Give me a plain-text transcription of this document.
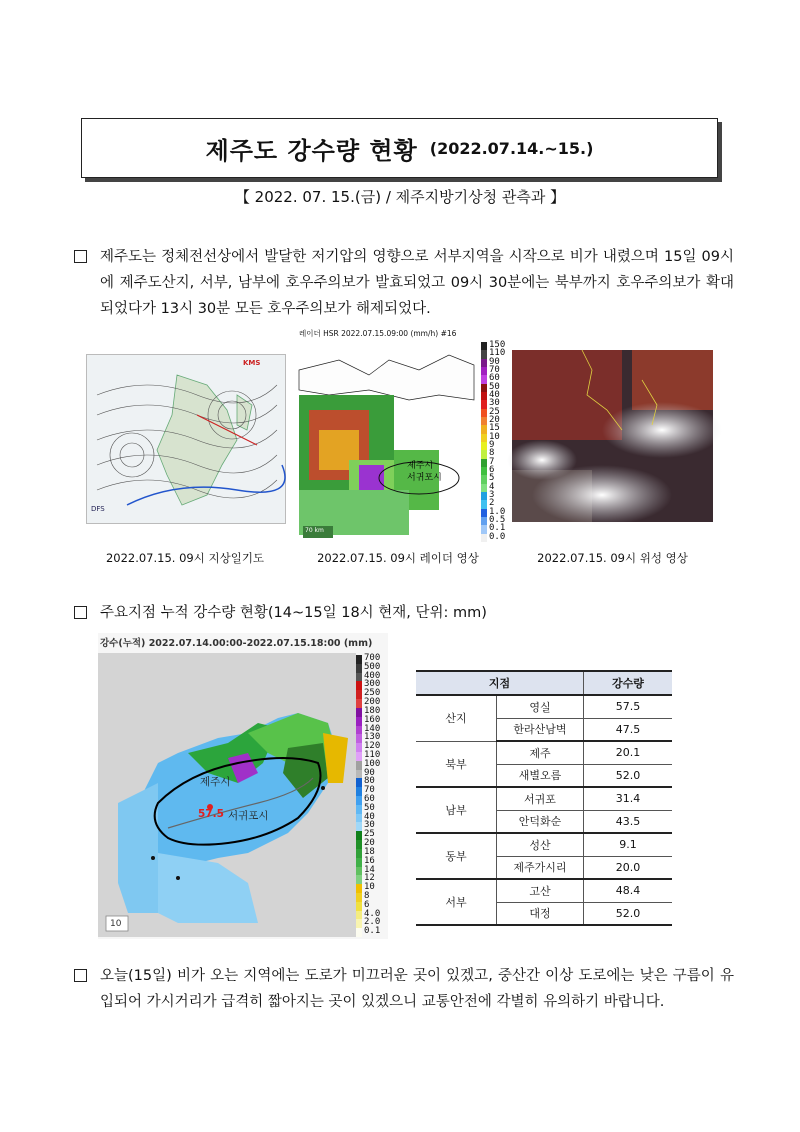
제주도 강수량 현황 (2022.07.14.~15.)
【 2022. 07. 15.(금) / 제주지방기상청 관측과 】
제주도는 정체전선상에서 발달한 저기압의 영향으로 서부지역을 시작으로 비가 내렸으며 15일 09시에 제주도산지, 서부, 남부에 호우주의보가 발효되었고 09시 30분에는 북부까지 호우주의보가 확대되었다가 13시 30분 모든 호우주의보가 해제되었다.
KMS
DFS
2022.07.15. 09시 지상일기도
레이더 HSR 2022.07.15.09:00 (mm/h) #16
제주시
서귀포시
70 km
150
110
90
70
60
50
40
30
25
20
15
10
9
8
7
6
5
4
3
2
1.0
0.5
0.1
0.0
2022.07.15. 09시 레이더 영상	2022.07.15. 09시 위성 영상
주요지점 누적 강수량 현황(14~15일 18시 현재, 단위: mm)
강수(누적) 2022.07.14.00:00-2022.07.15.18:00 (mm)
제주시
57.5 서귀포시
10
700
500
400
300
250
200
180
160
140
130
120
110
100
90
80
70
60
50
40
30
25
20
18
16
14
12
10
8
6
4.0
2.0
0.1
지점		강수량
산지	영실	57.5
	한라산남벽	47.5
북부	제주	20.1
	새별오름	52.0
남부	서귀포	31.4
	안덕화순	43.5
동부	성산	9.1
	제주가시리	20.0
서부	고산	48.4
	대정	52.0
오늘(15일) 비가 오는 지역에는 도로가 미끄러운 곳이 있겠고, 중산간 이상 도로에는 낮은 구름이 유입되어 가시거리가 급격히 짧아지는 곳이 있겠으니 교통안전에 각별히 유의하기 바랍니다.
